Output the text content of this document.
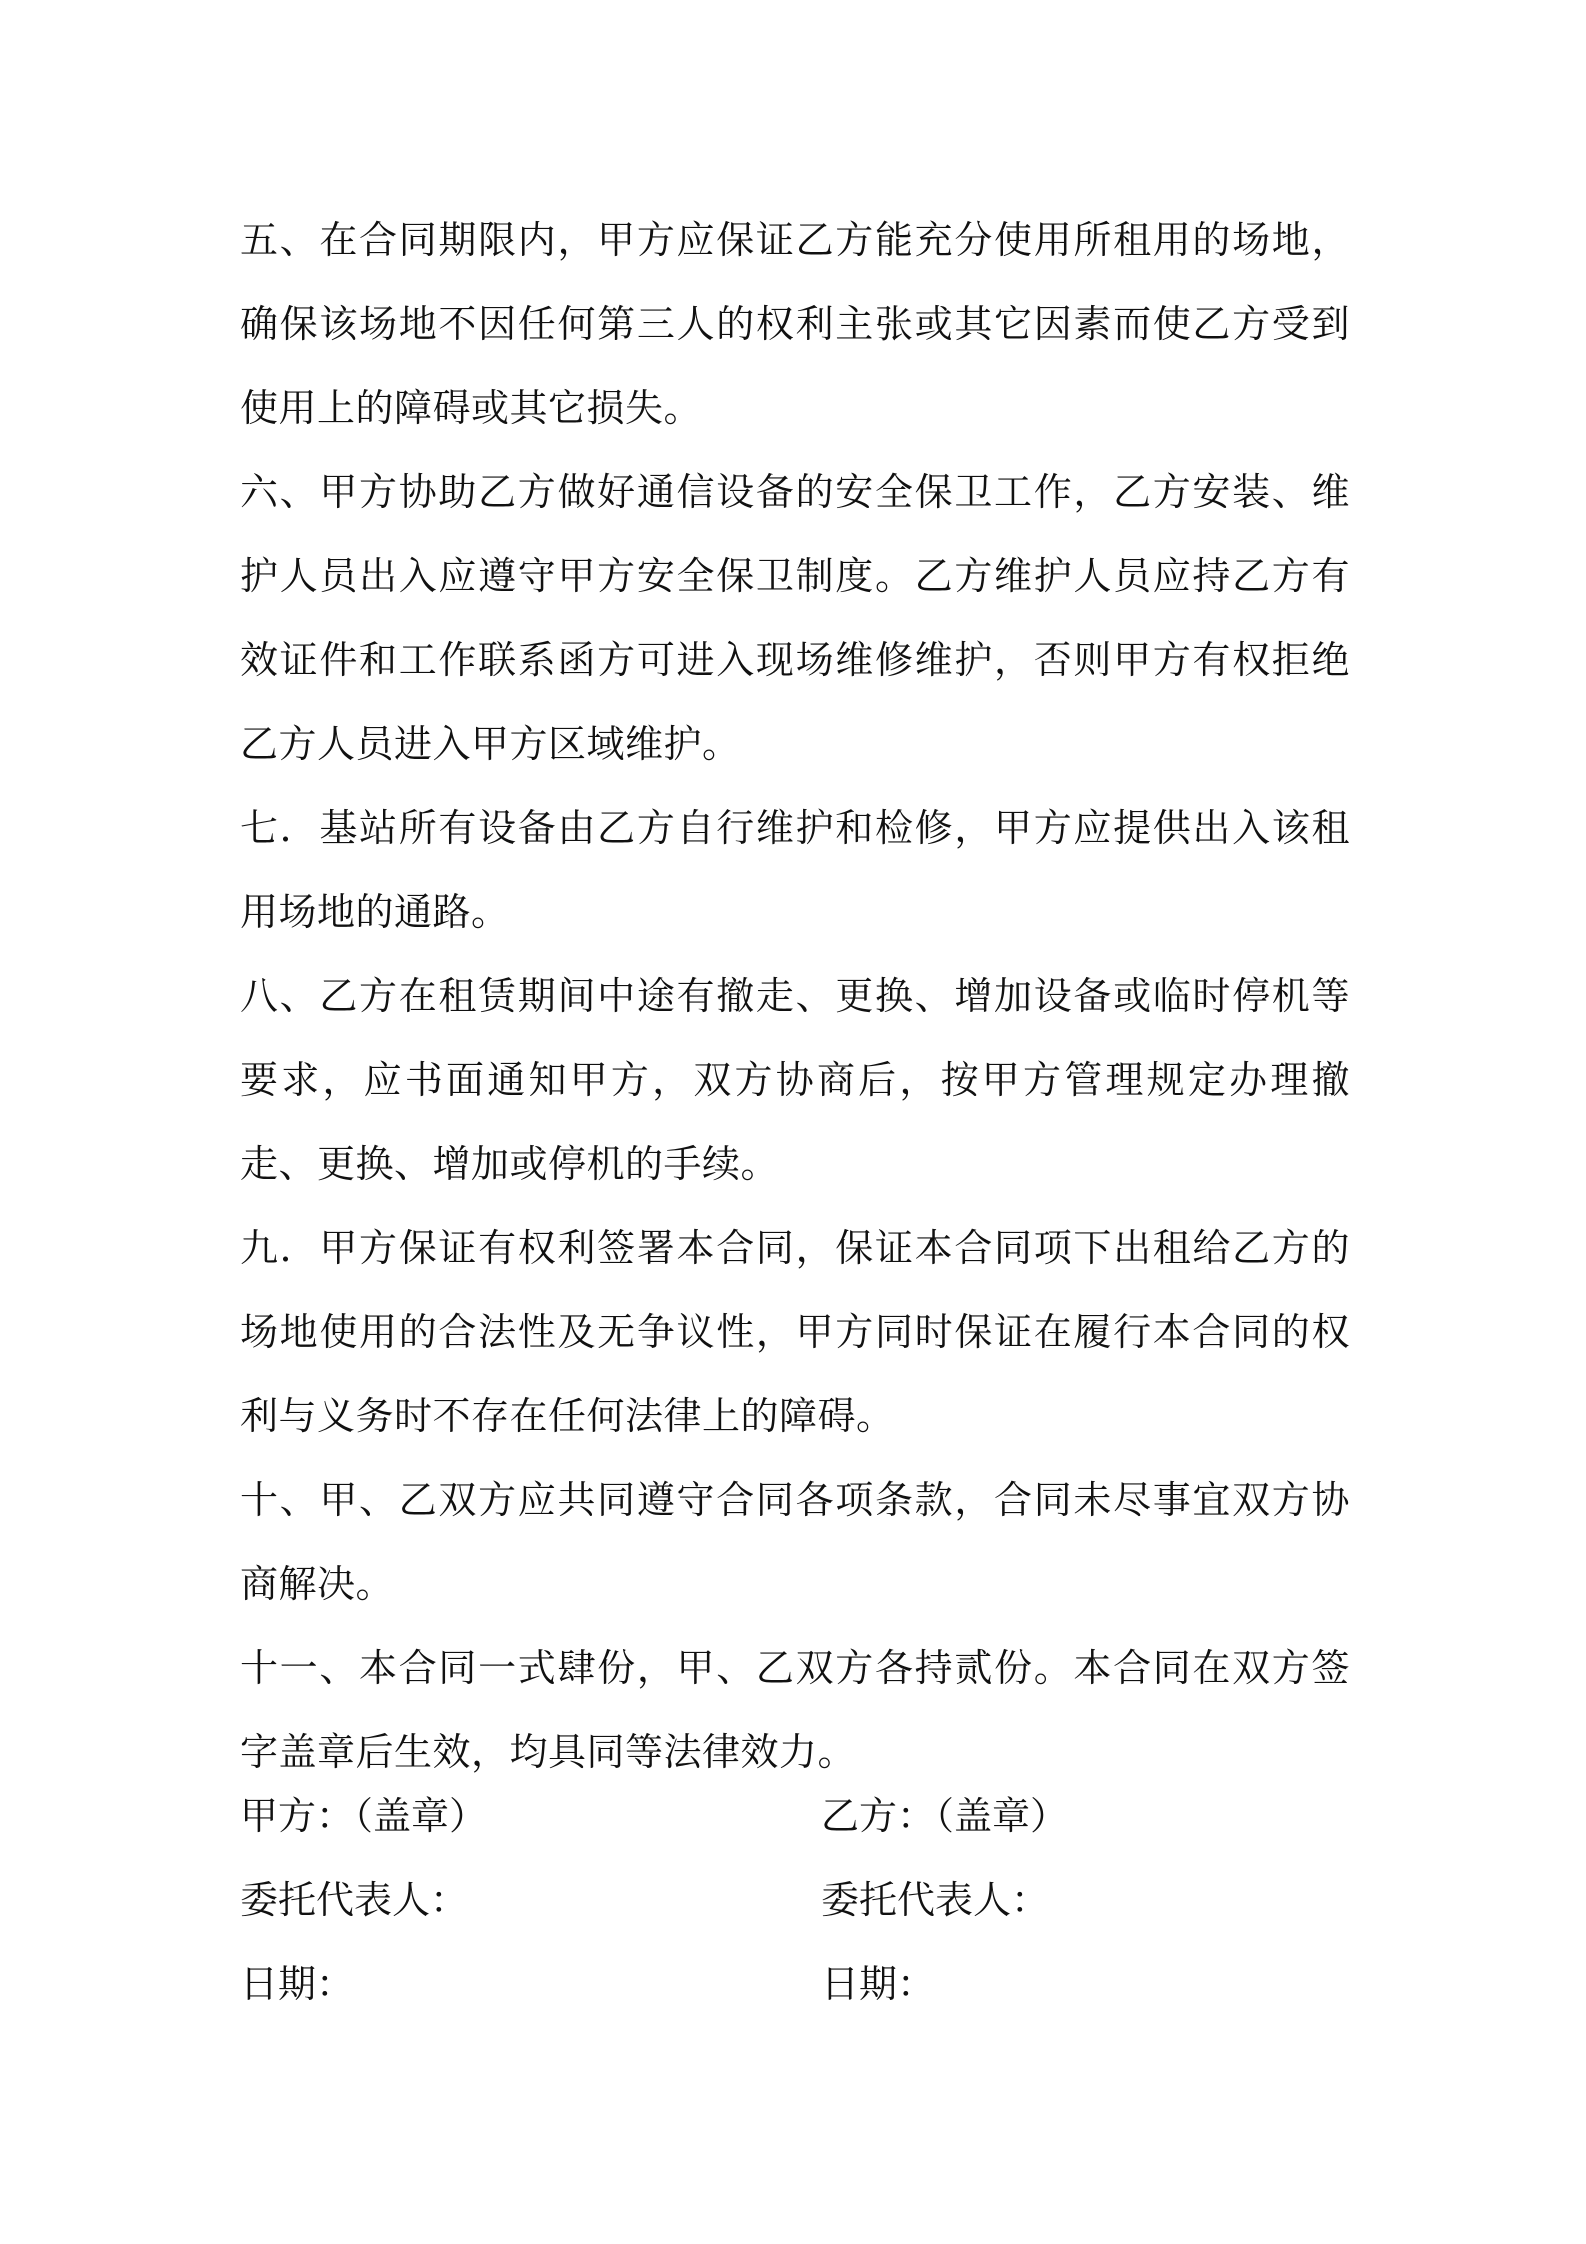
五、在合同期限内，甲方应保证乙方能充分使用所租用的场地，确保该场地不因任何第三人的权利主张或其它因素而使乙方受到使用上的障碍或其它损失。

六、甲方协助乙方做好通信设备的安全保卫工作，乙方安装、维护人员出入应遵守甲方安全保卫制度。乙方维护人员应持乙方有效证件和工作联系函方可进入现场维修维护，否则甲方有权拒绝乙方人员进入甲方区域维护。

七．基站所有设备由乙方自行维护和检修，甲方应提供出入该租用场地的通路。

八、乙方在租赁期间中途有撤走、更换、增加设备或临时停机等要求，应书面通知甲方，双方协商后，按甲方管理规定办理撤走、更换、增加或停机的手续。

九．甲方保证有权利签署本合同，保证本合同项下出租给乙方的场地使用的合法性及无争议性，甲方同时保证在履行本合同的权利与义务时不存在任何法律上的障碍。

十、甲、乙双方应共同遵守合同各项条款，合同未尽事宜双方协商解决。

十一、本合同一式肆份，甲、乙双方各持贰份。本合同在双方签字盖章后生效，均具同等法律效力。

甲方：（盖章）	乙方：（盖章）
委托代表人：	委托代表人：
日期：	日期：
